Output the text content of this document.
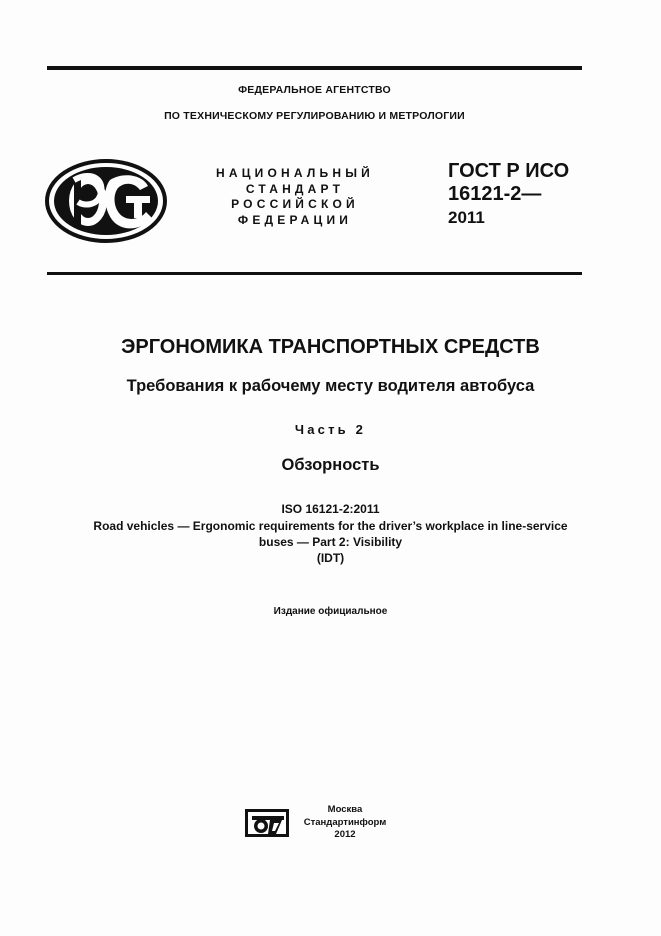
ФЕДЕРАЛЬНОЕ АГЕНТСТВО
ПО ТЕХНИЧЕСКОМУ РЕГУЛИРОВАНИЮ И МЕТРОЛОГИИ
НАЦИОНАЛЬНЫЙ
СТАНДАРТ
РОССИЙСКОЙ
ФЕДЕРАЦИИ
ГОСТ Р ИСО
16121-2—
2011
ЭРГОНОМИКА ТРАНСПОРТНЫХ СРЕДСТВ
Требования к рабочему месту водителя автобуса
Часть 2
Обзорность
ISO 16121-2:2011
Road vehicles — Ergonomic requirements for the driver’s workplace in line-service
buses — Part 2: Visibility
(IDT)
Издание официальное
Москва
Стандартинформ
2012
